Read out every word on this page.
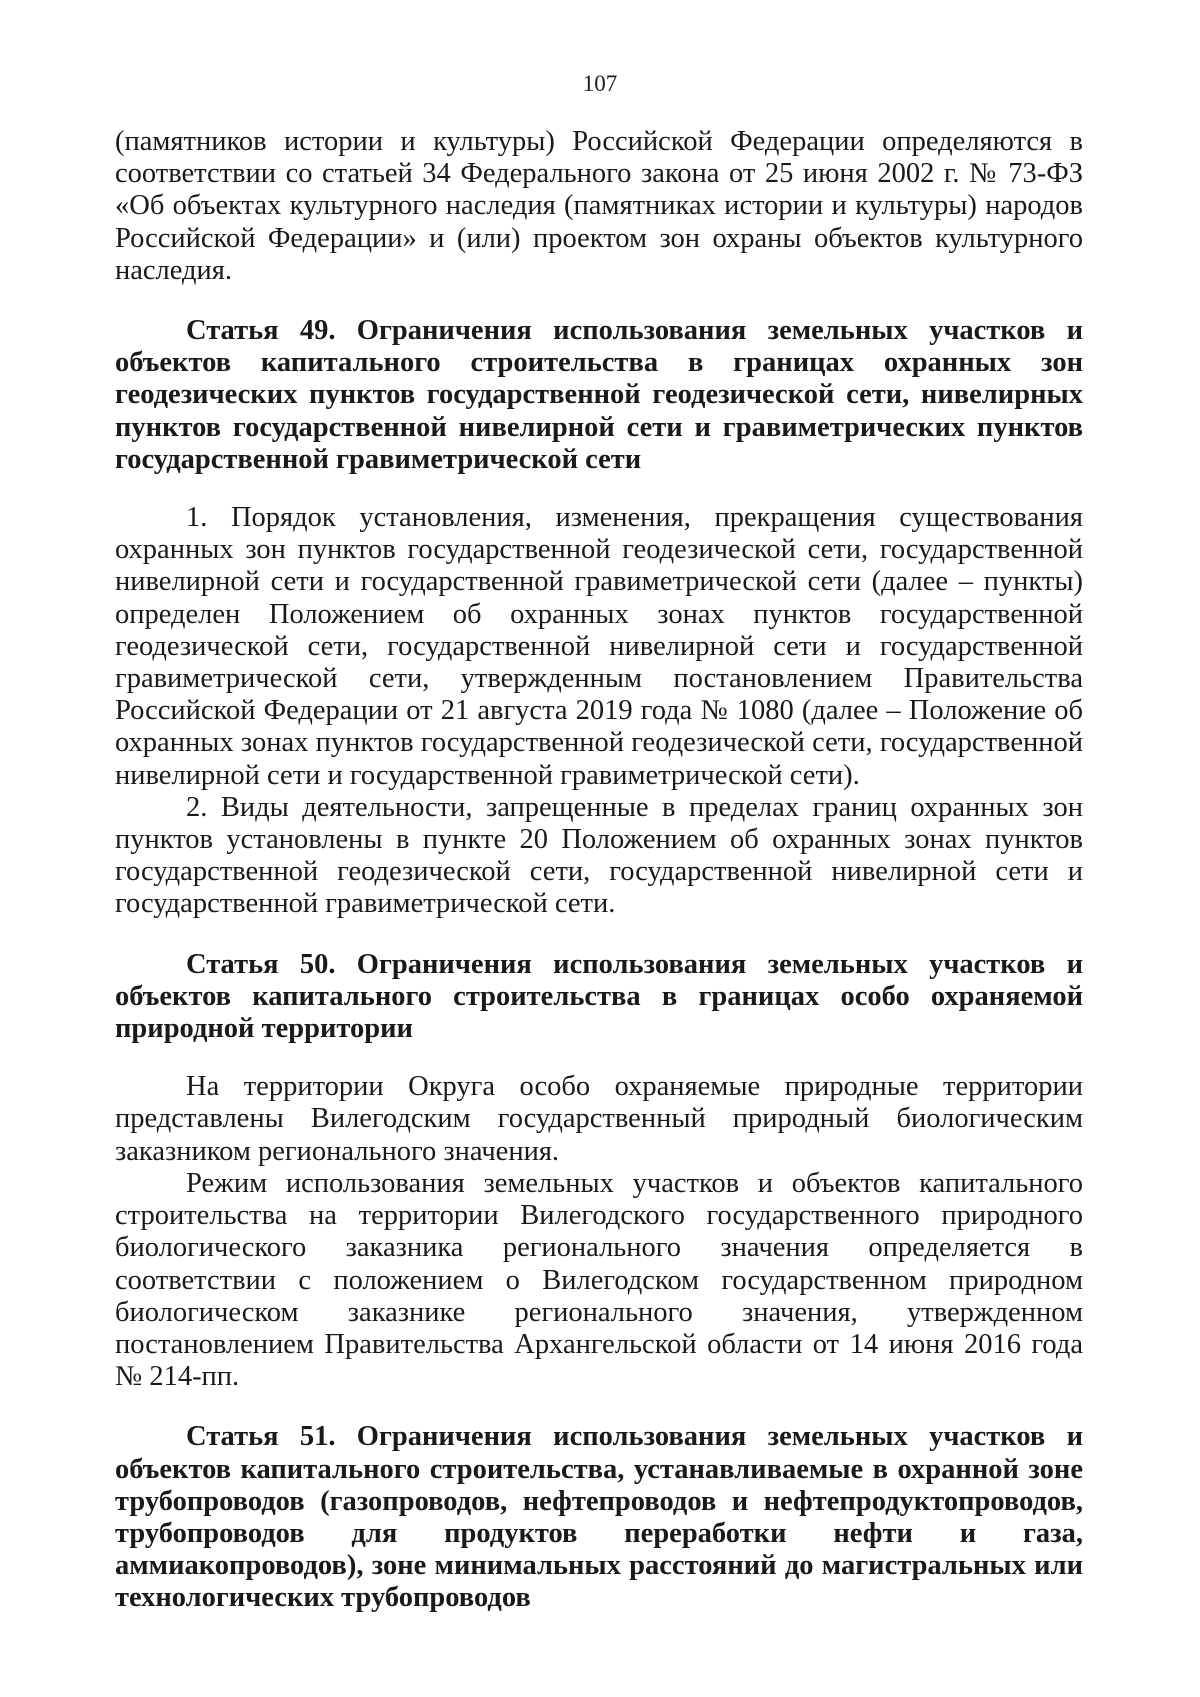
107

(памятников истории и культуры) Российской Федерации определяются в соответствии со статьей 34 Федерального закона от 25 июня 2002 г. № 73-ФЗ «Об объектах культурного наследия (памятниках истории и культуры) народов Российской Федерации» и (или) проектом зон охраны объектов культурного наследия.

Статья 49. Ограничения использования земельных участков и объектов капитального строительства в границах охранных зон геодезических пунктов государственной геодезической сети, нивелирных пунктов государственной нивелирной сети и гравиметрических пунктов государственной гравиметрической сети

1. Порядок установления, изменения, прекращения существования охранных зон пунктов государственной геодезической сети, государственной нивелирной сети и государственной гравиметрической сети (далее – пункты) определен Положением об охранных зонах пунктов государственной геодезической сети, государственной нивелирной сети и государственной гравиметрической сети, утвержденным постановлением Правительства Российской Федерации от 21 августа 2019 года № 1080 (далее – Положение об охранных зонах пунктов государственной геодезической сети, государственной нивелирной сети и государственной гравиметрической сети).

2. Виды деятельности, запрещенные в пределах границ охранных зон пунктов установлены в пункте 20 Положением об охранных зонах пунктов государственной геодезической сети, государственной нивелирной сети и государственной гравиметрической сети.

Статья 50. Ограничения использования земельных участков и объектов капитального строительства в границах особо охраняемой природной территории

На территории Округа особо охраняемые природные территории представлены Вилегодским государственный природный биологическим заказником регионального значения.

Режим использования земельных участков и объектов капитального строительства на территории Вилегодского государственного природного биологического заказника регионального значения определяется в соответствии с положением о Вилегодском государственном природном биологическом заказнике регионального значения, утвержденном постановлением Правительства Архангельской области от 14 июня 2016 года № 214-пп.

Статья 51. Ограничения использования земельных участков и объектов капитального строительства, устанавливаемые в охранной зоне трубопроводов (газопроводов, нефтепроводов и нефтепродуктопроводов, трубопроводов для продуктов переработки нефти и газа, аммиакопроводов), зоне минимальных расстояний до магистральных или технологических трубопроводов
